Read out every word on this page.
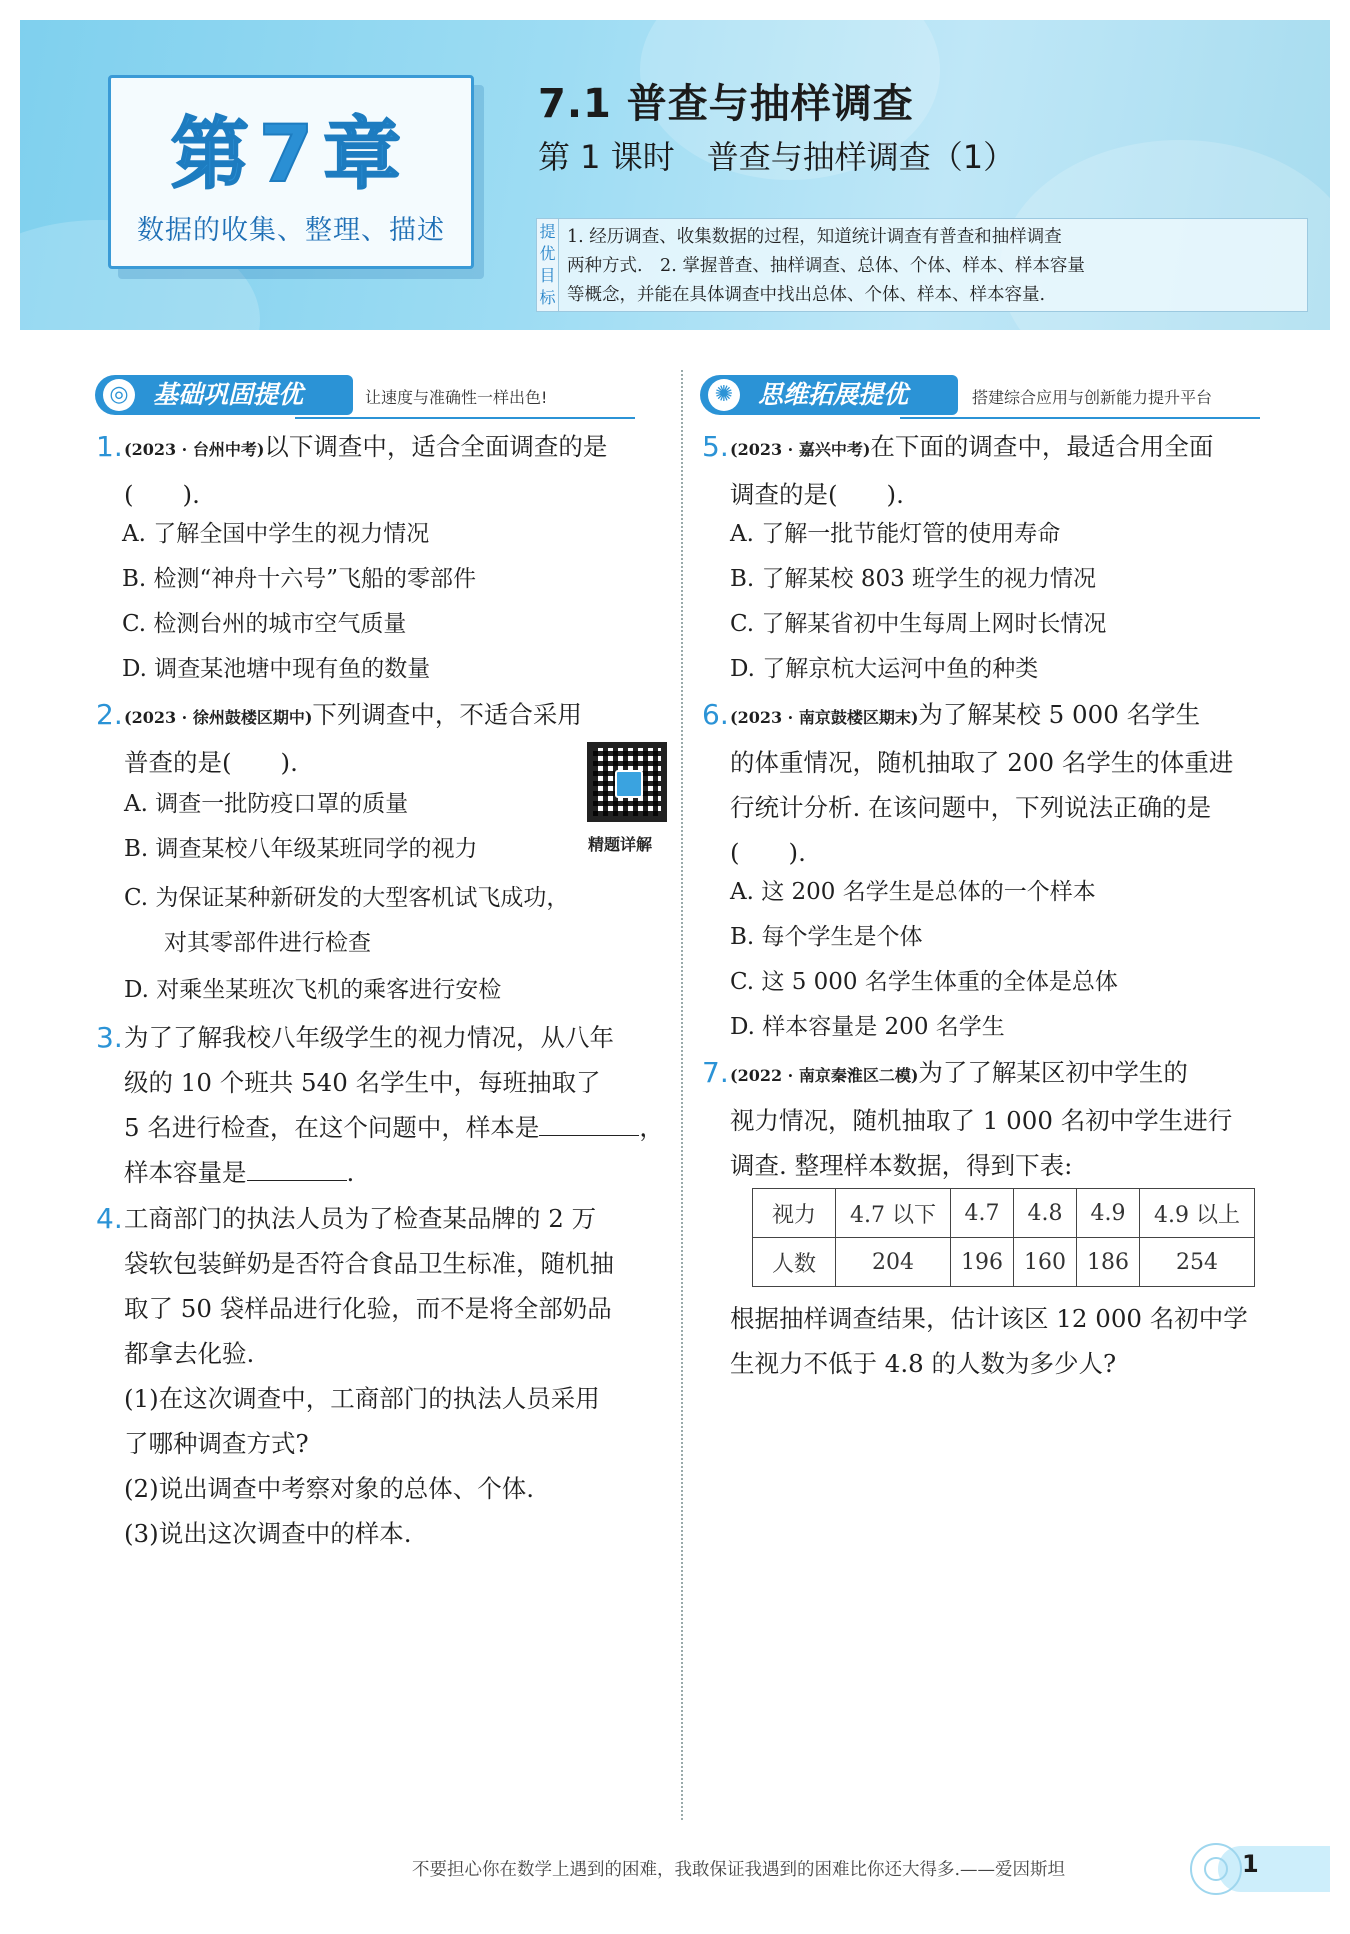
第7章
数据的收集、整理、描述
7.1 普查与抽样调查
第 1 课时　普查与抽样调查（1）
提优目标
1. 经历调查、收集数据的过程，知道统计调查有普查和抽样调查
两种方式.　2. 掌握普查、抽样调查、总体、个体、样本、样本容量
等概念，并能在具体调查中找出总体、个体、样本、样本容量.
◎ 基础巩固提优	让速度与准确性一样出色!
1. (2023 · 台州中考)以下调查中，适合全面调查的是
(　　).
A. 了解全国中学生的视力情况
B. 检测“神舟十六号”飞船的零部件
C. 检测台州的城市空气质量
D. 调查某池塘中现有鱼的数量
2. (2023 · 徐州鼓楼区期中)下列调查中，不适合采用
普查的是(　　).
精题详解
A. 调查一批防疫口罩的质量
B. 调查某校八年级某班同学的视力
C. 为保证某种新研发的大型客机试飞成功，
对其零部件进行检查
D. 对乘坐某班次飞机的乘客进行安检
3. 为了了解我校八年级学生的视力情况，从八年
级的 10 个班共 540 名学生中，每班抽取了
5 名进行检查，在这个问题中，样本是	，
样本容量是	.
4. 工商部门的执法人员为了检查某品牌的 2 万
袋软包装鲜奶是否符合食品卫生标准，随机抽
取了 50 袋样品进行化验，而不是将全部奶品
都拿去化验.
(1)在这次调查中，工商部门的执法人员采用
了哪种调查方式?
(2)说出调查中考察对象的总体、个体.
(3)说出这次调查中的样本.
✺ 思维拓展提优	搭建综合应用与创新能力提升平台
5. (2023 · 嘉兴中考)在下面的调查中，最适合用全面
调查的是(　　).
A. 了解一批节能灯管的使用寿命
B. 了解某校 803 班学生的视力情况
C. 了解某省初中生每周上网时长情况
D. 了解京杭大运河中鱼的种类
6. (2023 · 南京鼓楼区期末)为了解某校 5 000 名学生
的体重情况，随机抽取了 200 名学生的体重进
行统计分析. 在该问题中，下列说法正确的是
(　　).
A. 这 200 名学生是总体的一个样本
B. 每个学生是个体
C. 这 5 000 名学生体重的全体是总体
D. 样本容量是 200 名学生
7. (2022 · 南京秦淮区二模)为了了解某区初中学生的
视力情况，随机抽取了 1 000 名初中学生进行
调查. 整理样本数据，得到下表:
视力	4.7 以下	4.7	4.8	4.9	4.9 以上
人数	204	196	160	186	254
根据抽样调查结果，估计该区 12 000 名初中学
生视力不低于 4.8 的人数为多少人?
不要担心你在数学上遇到的困难，我敢保证我遇到的困难比你还大得多.——爱因斯坦	1
